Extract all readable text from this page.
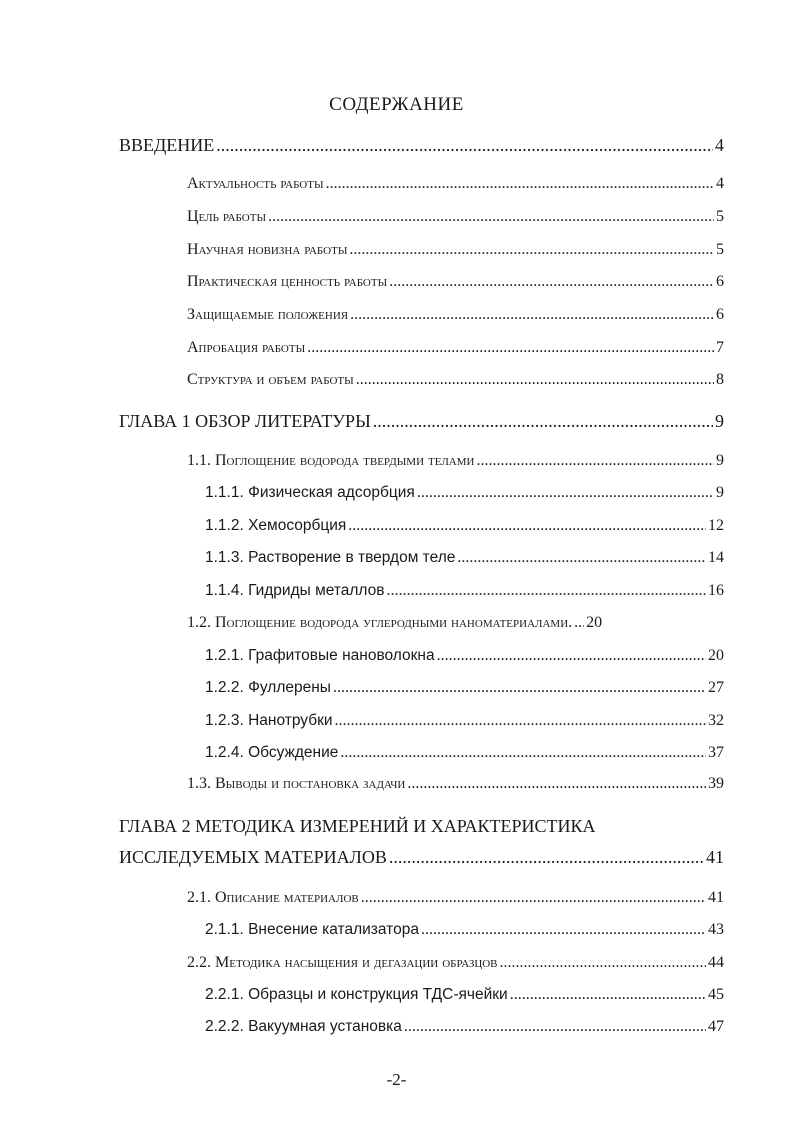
СОДЕРЖАНИЕ
ВВЕДЕНИЕ .....	4
Актуальность работы .....	4
Цель работы .....	5
Научная новизна работы .....	5
Практическая ценность работы .....	6
Защищаемые положения .....	6
Апробация работы .....	7
Структура и объем работы .....	8
ГЛАВА 1 ОБЗОР ЛИТЕРАТУРЫ .....	9
1.1. Поглощение водорода твердыми телами .....	9
1.1.1. Физическая адсорбция .....	9
1.1.2. Хемосорбция .....	12
1.1.3. Растворение в твердом теле .....	14
1.1.4. Гидриды металлов .....	16
1.2. Поглощение водорода углеродными наноматериалами. ..... 20
1.2.1. Графитовые нановолокна .....	20
1.2.2. Фуллерены .....	27
1.2.3. Нанотрубки .....	32
1.2.4. Обсуждение .....	37
1.3. Выводы и постановка задачи .....	39
ГЛАВА 2 МЕТОДИКА ИЗМЕРЕНИЙ И ХАРАКТЕРИСТИКА
ИССЛЕДУЕМЫХ МАТЕРИАЛОВ .....	41
2.1. Описание материалов .....	41
2.1.1. Внесение катализатора .....	43
2.2. Методика насыщения и дегазации образцов .....	44
2.2.1. Образцы и конструкция ТДС-ячейки .....	45
2.2.2. Вакуумная установка .....	47
-2-
